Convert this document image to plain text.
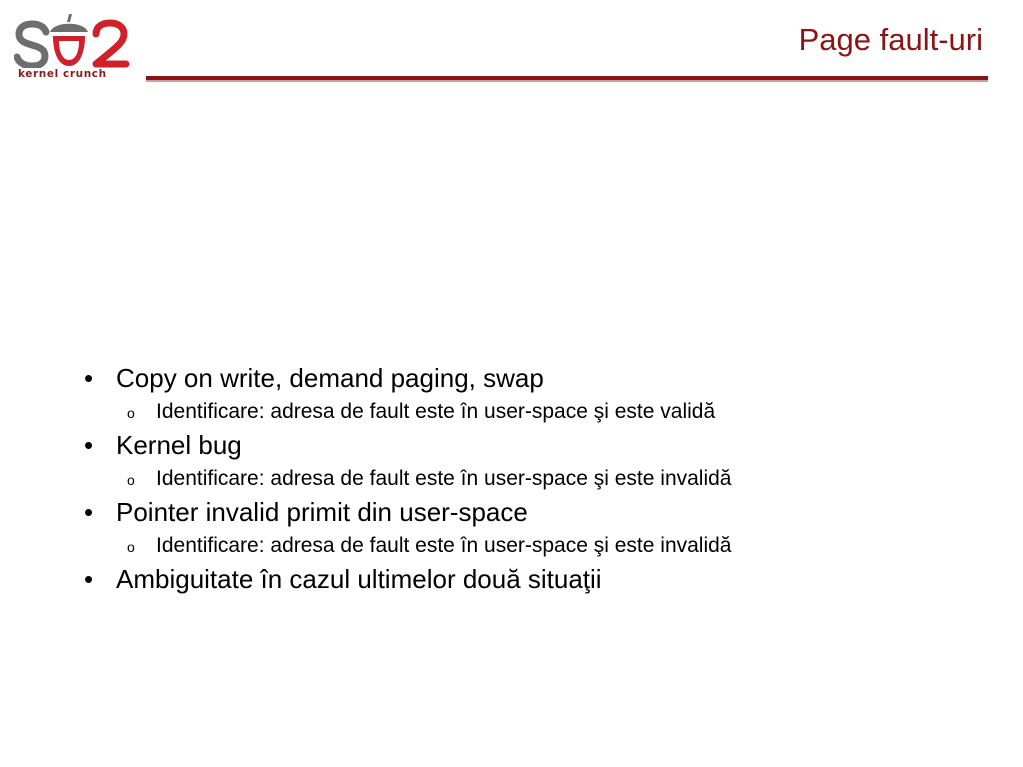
kernel crunch
Page fault-uri
• Copy on write, demand paging, swap
o Identificare: adresa de fault este în user-space şi este validă
• Kernel bug
o Identificare: adresa de fault este în user-space şi este invalidă
• Pointer invalid primit din user-space
o Identificare: adresa de fault este în user-space şi este invalidă
• Ambiguitate în cazul ultimelor două situaţii
